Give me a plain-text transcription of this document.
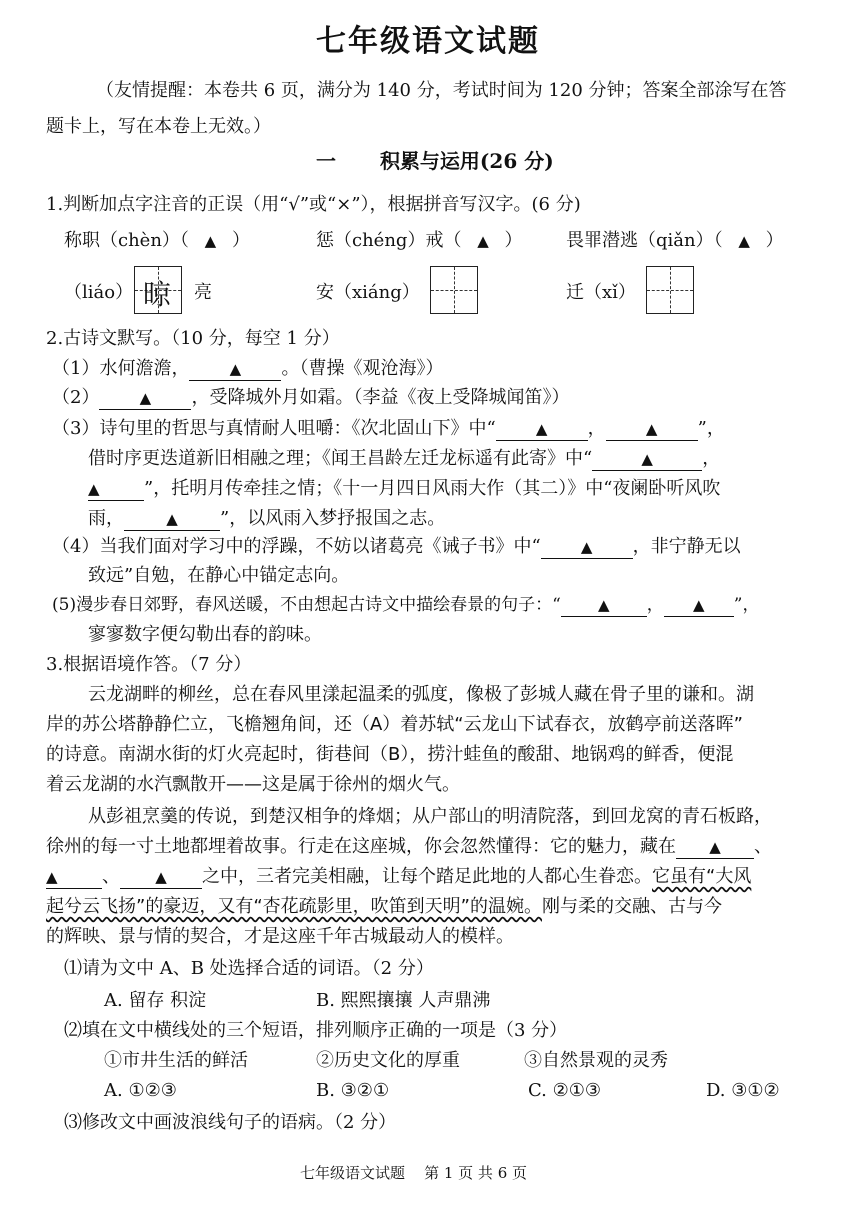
七年级语文试题
（友情提醒：本卷共 6 页，满分为 140 分，考试时间为 120 分钟；答案全部涂写在答
题卡上，写在本卷上无效。）
一 积累与运用(26 分)
1.判断加点字注音的正误（用“√”或“×”），根据拼音写汉字。(6 分)
称职（chèn）（ ▲ ）	惩（chéng）戒（ ▲ ） 畏罪潜逃（qiǎn）（ ▲ ）
（liáo） 晾 亮	安（xiáng）	迁（xǐ）
2.古诗文默写。（10 分，每空 1 分）
（1）水何澹澹，	▲ 。（曹操《观沧海》）
（2）	▲ ，受降城外月如霜。（李益《夜上受降城闻笛》）
（3）诗句里的哲思与真情耐人咀嚼：《次北固山下》中“	▲ ，	▲ ”，
借时序更迭道新旧相融之理；《闻王昌龄左迁龙标遥有此寄》中“	▲	，
▲ ”，托明月传牵挂之情；《十一月四日风雨大作（其二）》中“夜阑卧听风吹
雨，	▲ ”，以风雨入梦抒报国之志。
（4）当我们面对学习中的浮躁，不妨以诸葛亮《诫子书》中“	▲ ，非宁静无以
致远”自勉，在静心中锚定志向。
(5)漫步春日郊野，春风送暖，不由想起古诗文中描绘春景的句子：“ ▲ ， ▲ ”，
寥寥数字便勾勒出春的韵味。
3.根据语境作答。（7 分）
云龙湖畔的柳丝，总在春风里漾起温柔的弧度，像极了彭城人藏在骨子里的谦和。湖
岸的苏公塔静静伫立，飞檐翘角间，还（A）着苏轼“云龙山下试春衣，放鹤亭前送落晖”
的诗意。南湖水街的灯火亮起时，街巷间（B），捞汁蛙鱼的酸甜、地锅鸡的鲜香，便混
着云龙湖的水汽飘散开——这是属于徐州的烟火气。
从彭祖烹羹的传说，到楚汉相争的烽烟；从户部山的明清院落，到回龙窝的青石板路，
徐州的每一寸土地都埋着故事。行走在这座城，你会忽然懂得：它的魅力，藏在 ▲ 、
▲ 、 ▲ 之中，三者完美相融，让每个踏足此地的人都心生眷恋。它虽有“大风
起兮云飞扬”的豪迈，又有“杏花疏影里，吹笛到天明”的温婉。刚与柔的交融、古与今
的辉映、景与情的契合，才是这座千年古城最动人的模样。
⑴请为文中 A、B 处选择合适的词语。（2 分）
A. 留存 积淀	B. 熙熙攘攘 人声鼎沸
⑵填在文中横线处的三个短语，排列顺序正确的一项是（3 分）
①市井生活的鲜活	②历史文化的厚重	③自然景观的灵秀
A. ①②③	B. ③②①	C. ②①③	D. ③①②
⑶修改文中画波浪线句子的语病。（2 分）
七年级语文试题    第 1 页 共 6 页
